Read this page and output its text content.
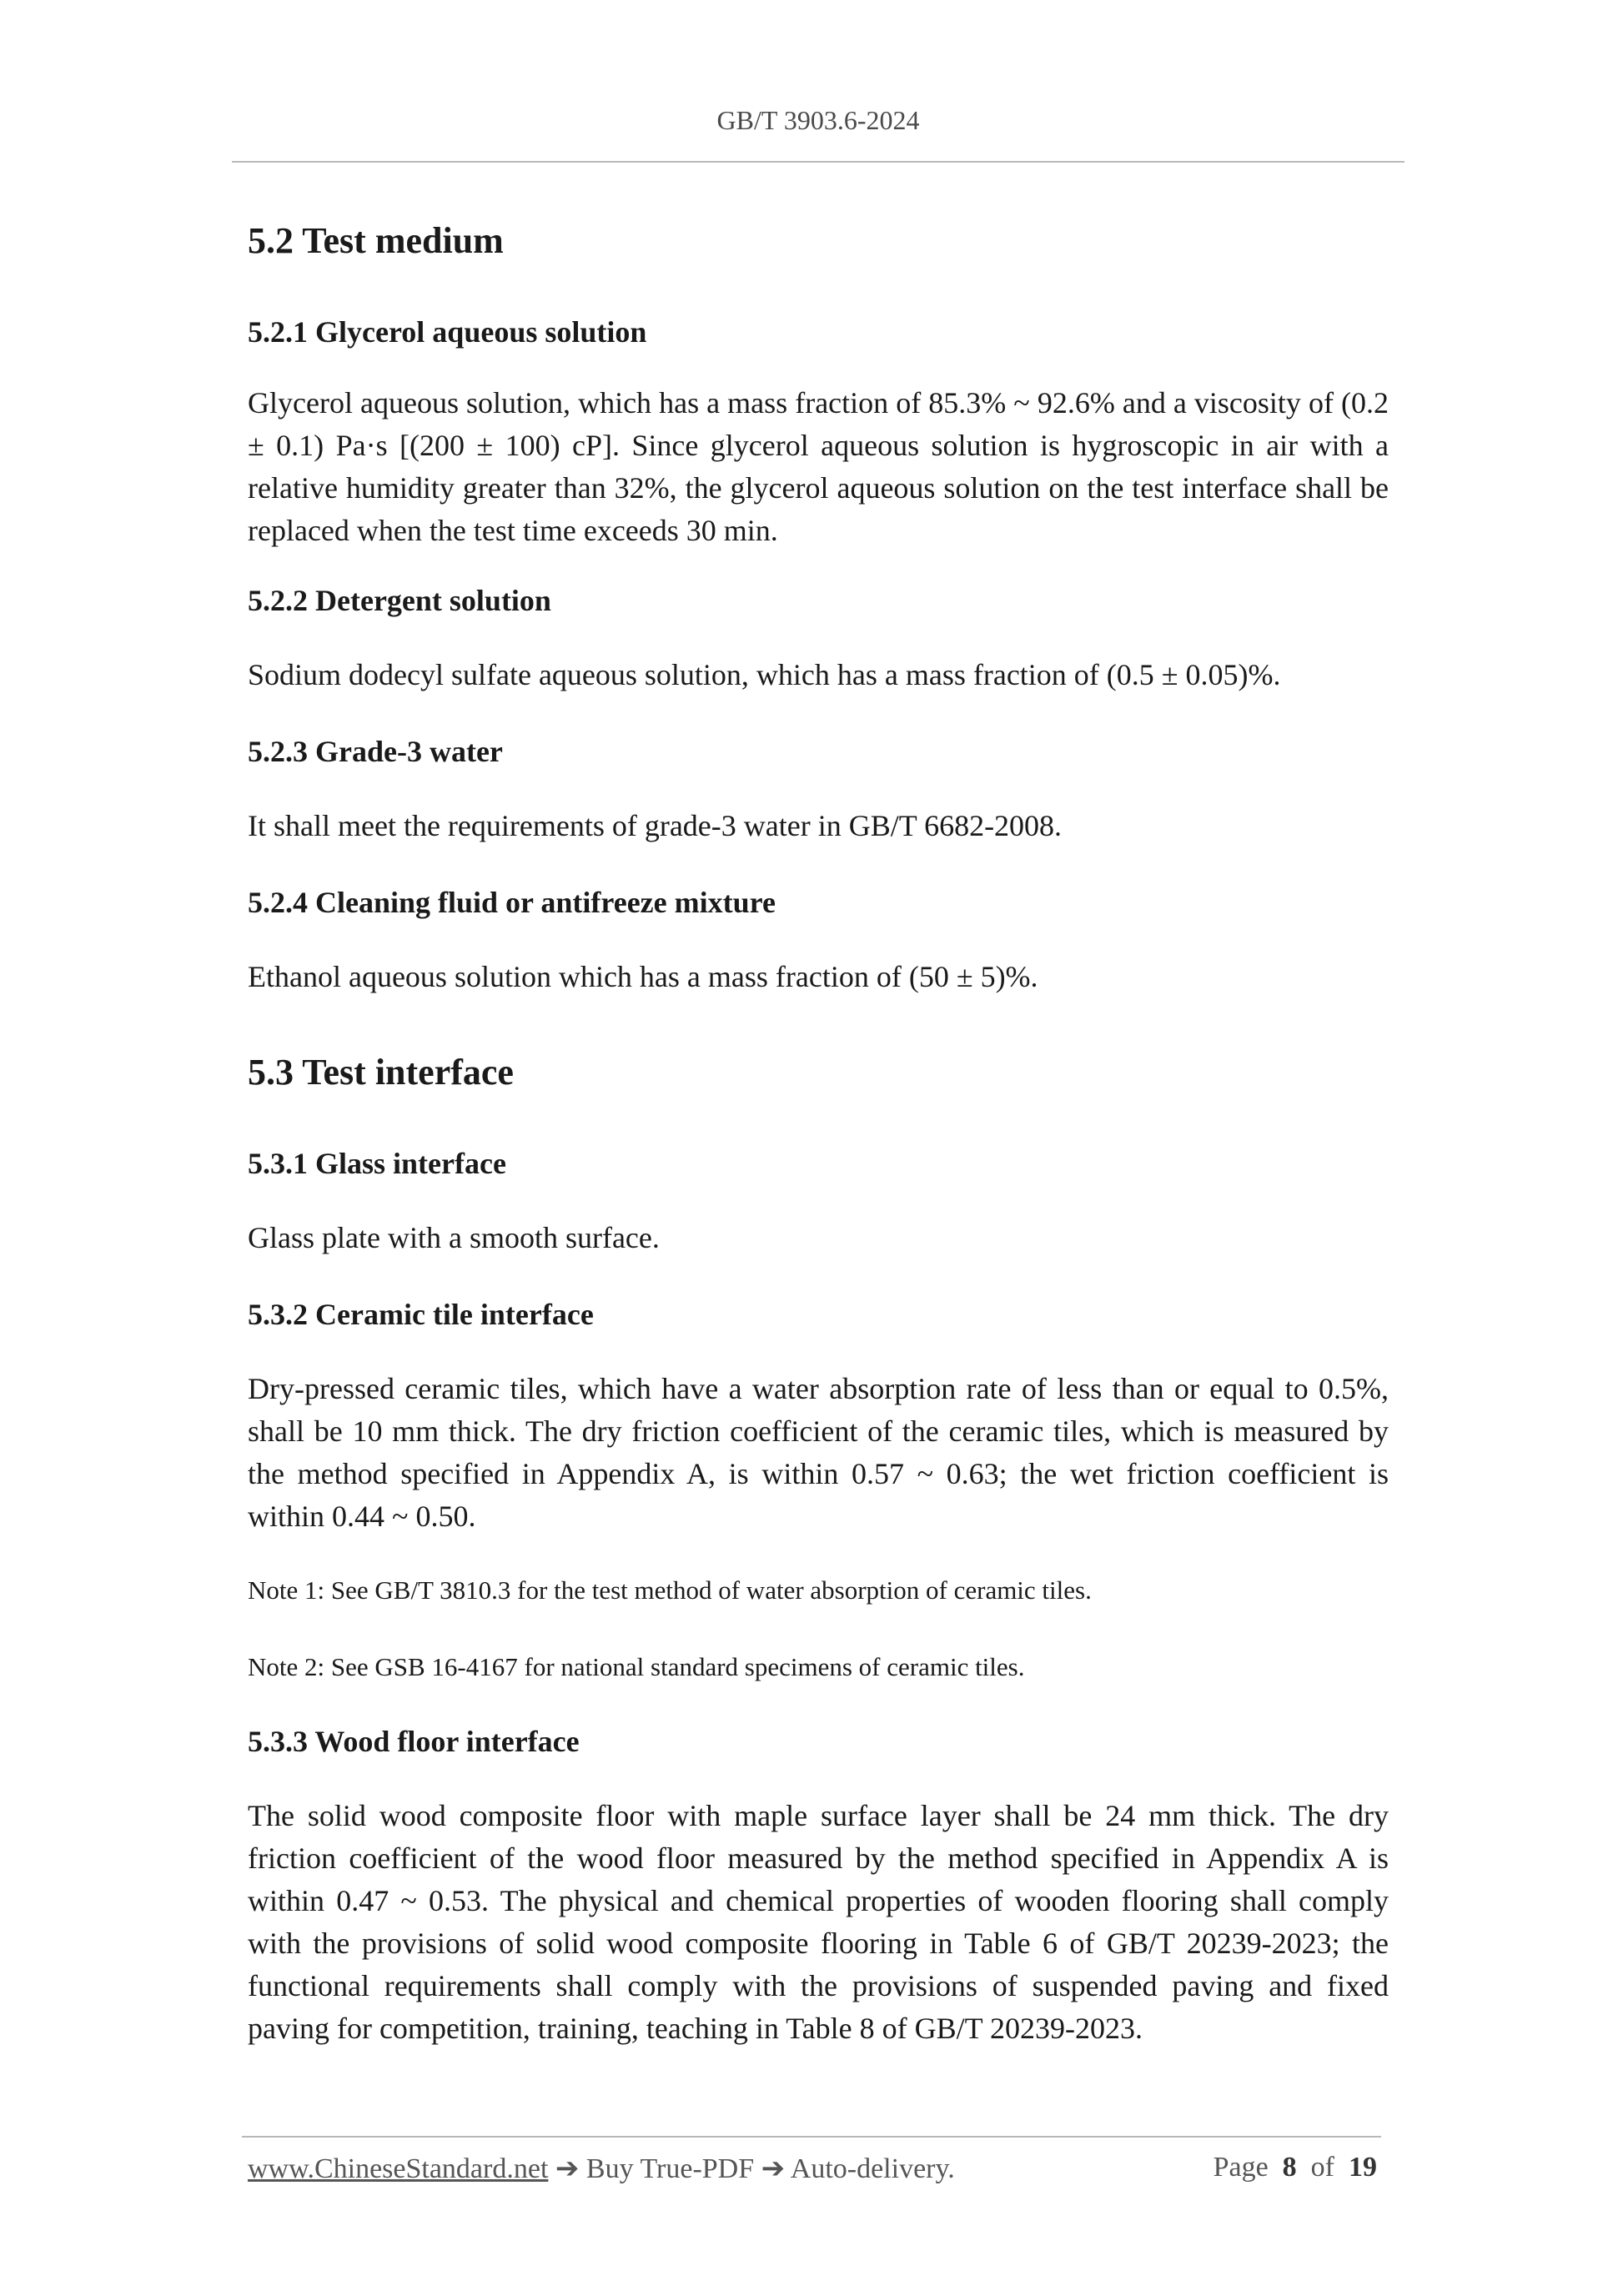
GB/T 3903.6-2024
5.2 Test medium
5.2.1 Glycerol aqueous solution

Glycerol aqueous solution, which has a mass fraction of 85.3% ~ 92.6% and a viscosity of (0.2 ± 0.1) Pa·s [(200 ± 100) cP]. Since glycerol aqueous solution is hygroscopic in air with a relative humidity greater than 32%, the glycerol aqueous solution on the test interface shall be replaced when the test time exceeds 30 min.

5.2.2 Detergent solution

Sodium dodecyl sulfate aqueous solution, which has a mass fraction of (0.5 ± 0.05)%.

5.2.3 Grade-3 water

It shall meet the requirements of grade-3 water in GB/T 6682-2008.

5.2.4 Cleaning fluid or antifreeze mixture

Ethanol aqueous solution which has a mass fraction of (50 ± 5)%.

5.3 Test interface
5.3.1 Glass interface

Glass plate with a smooth surface.

5.3.2 Ceramic tile interface

Dry-pressed ceramic tiles, which have a water absorption rate of less than or equal to 0.5%, shall be 10 mm thick. The dry friction coefficient of the ceramic tiles, which is measured by the method specified in Appendix A, is within 0.57 ~ 0.63; the wet friction coefficient is within 0.44 ~ 0.50.

Note 1: See GB/T 3810.3 for the test method of water absorption of ceramic tiles.

Note 2: See GSB 16-4167 for national standard specimens of ceramic tiles.

5.3.3 Wood floor interface

The solid wood composite floor with maple surface layer shall be 24 mm thick. The dry friction coefficient of the wood floor measured by the method specified in Appendix A is within 0.47 ~ 0.53. The physical and chemical properties of wooden flooring shall comply with the provisions of solid wood composite flooring in Table 6 of GB/T 20239-2023; the functional requirements shall comply with the provisions of suspended paving and fixed paving for competition, training, teaching in Table 8 of GB/T 20239-2023.

www.ChineseStandard.net ➔ Buy True-PDF ➔ Auto-delivery.	Page 8 of 19
